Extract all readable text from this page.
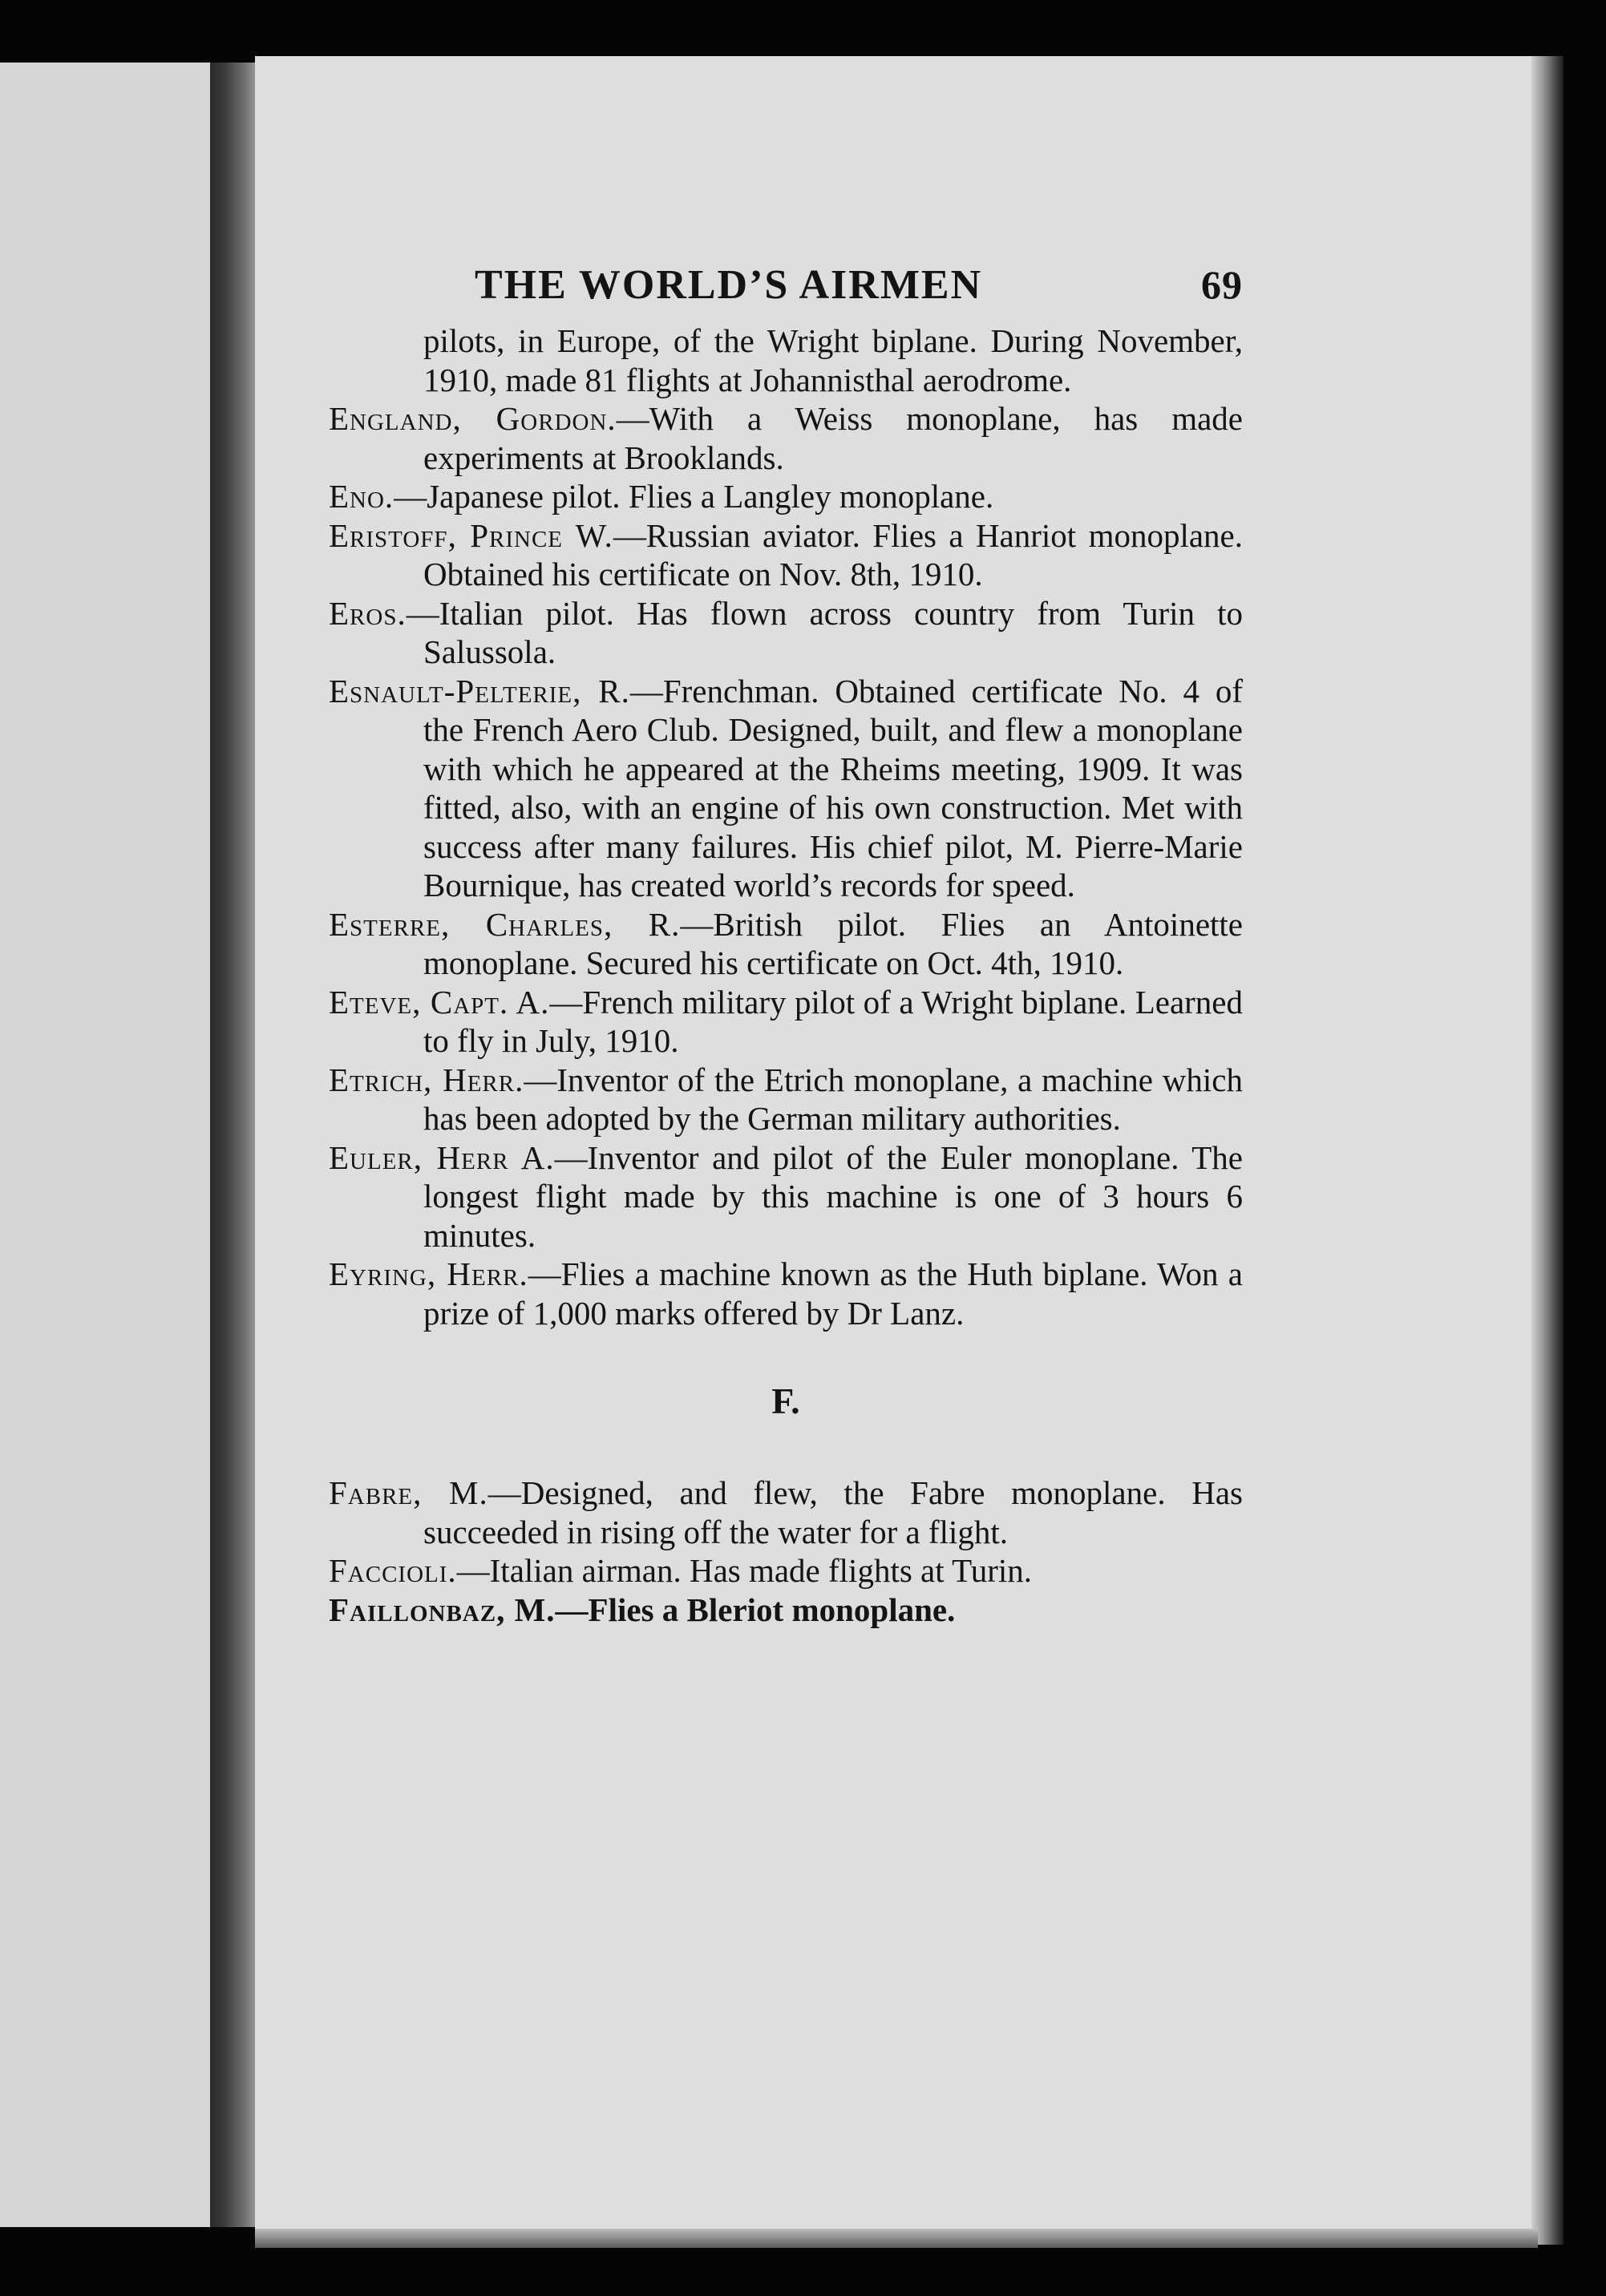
THE WORLD’S AIRMEN	69

pilots, in Europe, of the Wright biplane. During November, 1910, made 81 flights at Johannisthal aerodrome.

England, Gordon.—With a Weiss monoplane, has made experiments at Brooklands.

Eno.—Japanese pilot. Flies a Langley monoplane.

Eristoff, Prince W.—Russian aviator. Flies a Hanriot monoplane. Obtained his certificate on Nov. 8th, 1910.

Eros.—Italian pilot. Has flown across country from Turin to Salussola.

Esnault-Pelterie, R.—Frenchman. Obtained certificate No. 4 of the French Aero Club. Designed, built, and flew a monoplane with which he appeared at the Rheims meeting, 1909. It was fitted, also, with an engine of his own construction. Met with success after many failures. His chief pilot, M. Pierre-Marie Bournique, has created world’s records for speed.

Esterre, Charles, R.—British pilot. Flies an Antoinette monoplane. Secured his certificate on Oct. 4th, 1910.

Eteve, Capt. A.—French military pilot of a Wright biplane. Learned to fly in July, 1910.

Etrich, Herr.—Inventor of the Etrich monoplane, a machine which has been adopted by the German military authorities.

Euler, Herr A.—Inventor and pilot of the Euler monoplane. The longest flight made by this machine is one of 3 hours 6 minutes.

Eyring, Herr.—Flies a machine known as the Huth biplane. Won a prize of 1,000 marks offered by Dr Lanz.

F.

Fabre, M.—Designed, and flew, the Fabre monoplane. Has succeeded in rising off the water for a flight.

Faccioli.—Italian airman. Has made flights at Turin.

Faillonbaz, M.—Flies a Bleriot monoplane.
